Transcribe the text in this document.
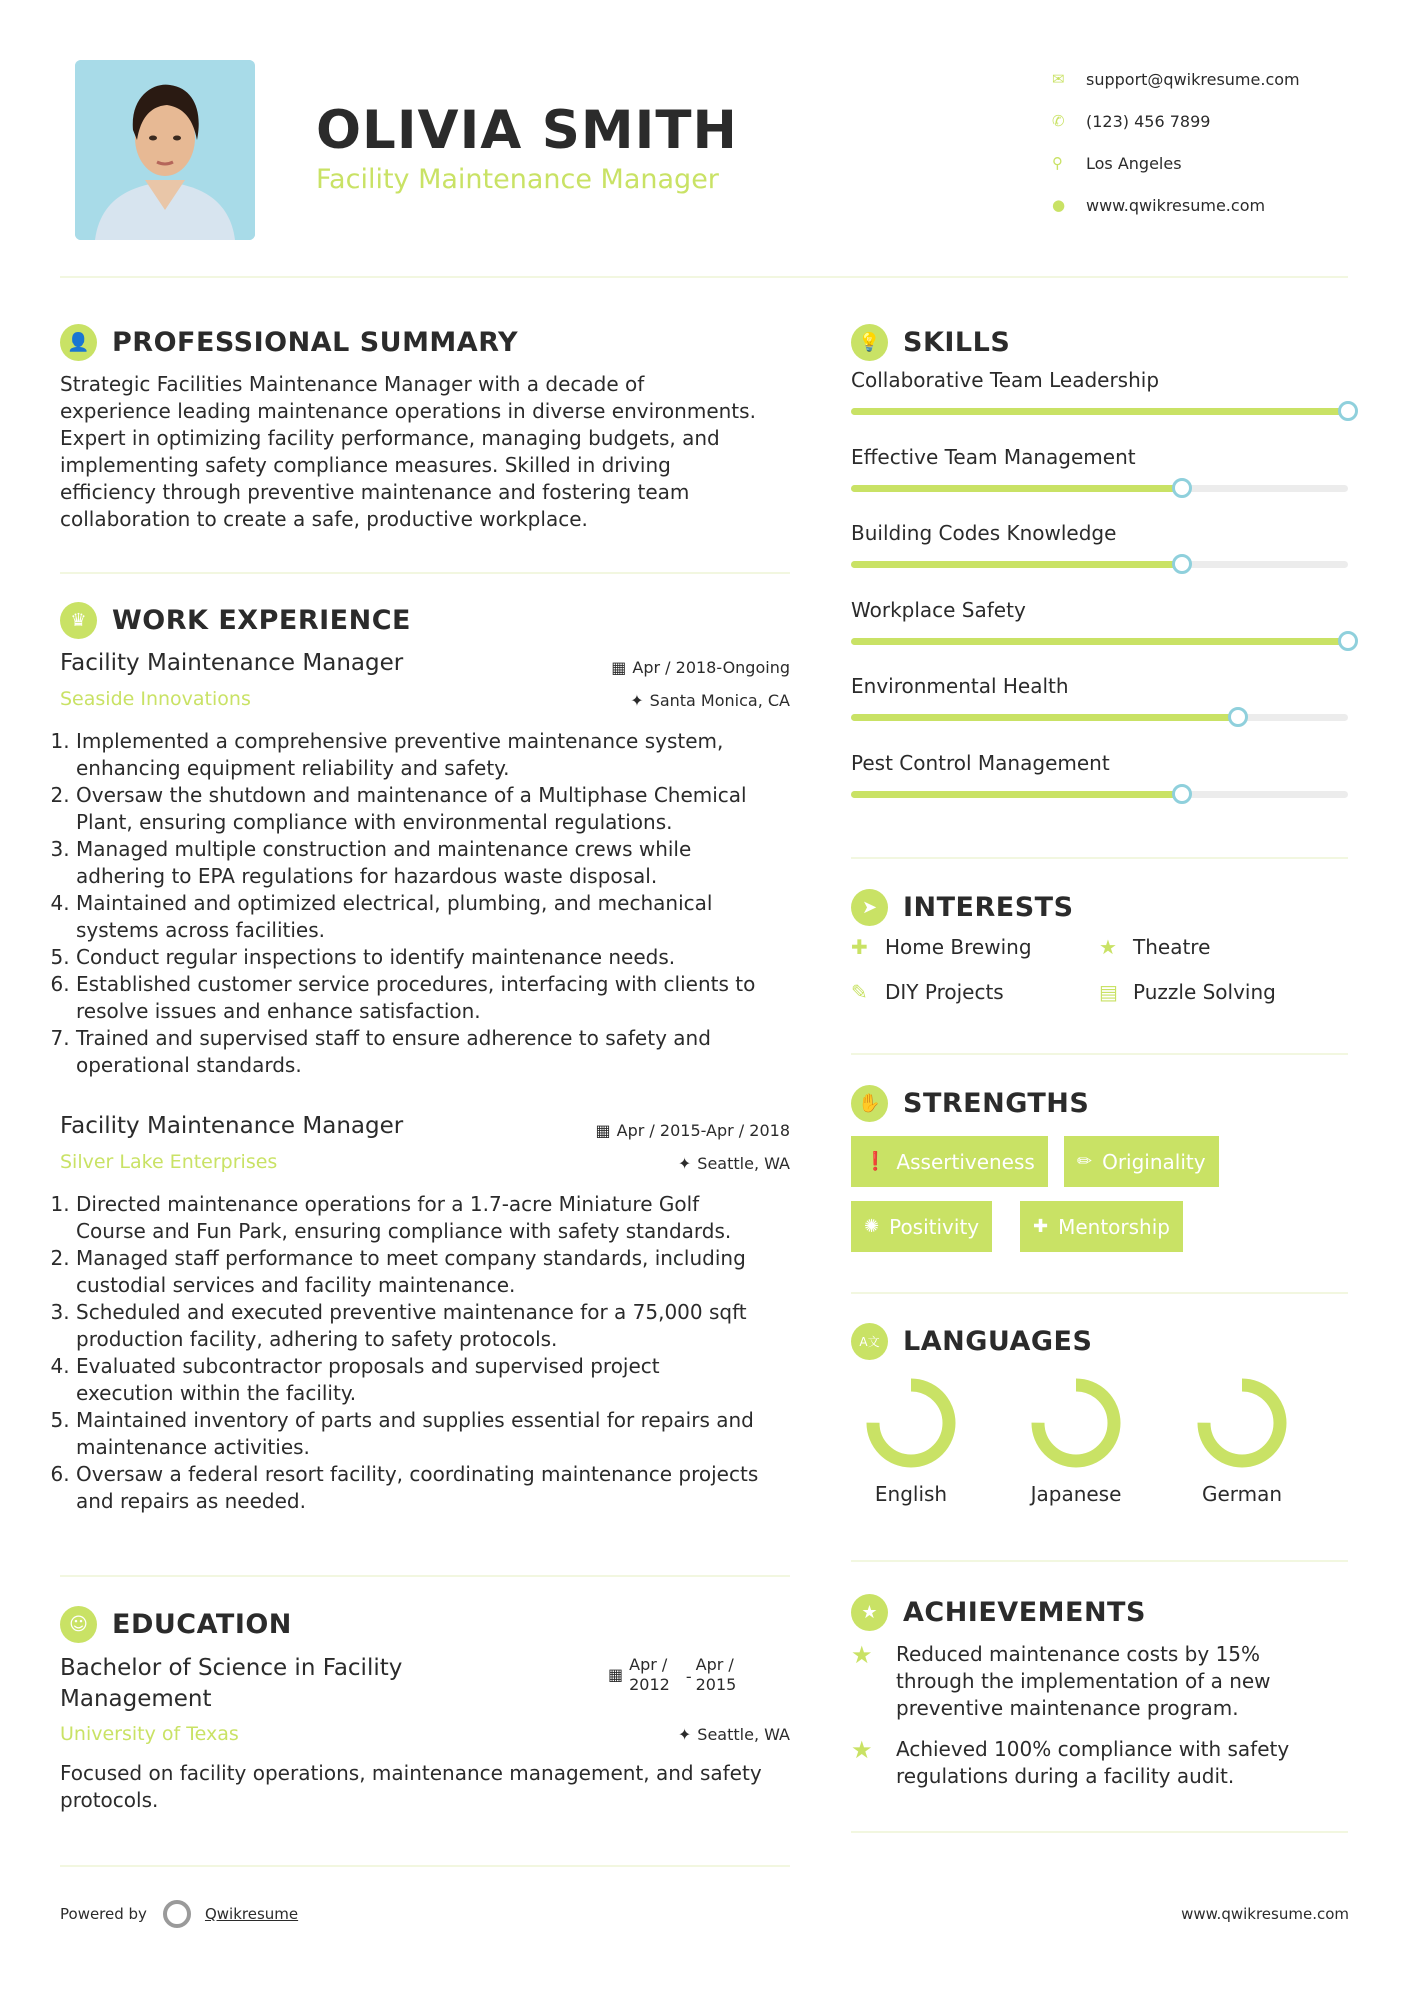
OLIVIA SMITH
Facility Maintenance Manager
✉	support@qwikresume.com
✆	(123) 456 7899
⚲	Los Angeles
●	www.qwikresume.com
👤 PROFESSIONAL SUMMARY
Strategic Facilities Maintenance Manager with a decade of
experience leading maintenance operations in diverse environments.
Expert in optimizing facility performance, managing budgets, and
implementing safety compliance measures. Skilled in driving
efficiency through preventive maintenance and fostering team
collaboration to create a safe, productive workplace.
♛ WORK EXPERIENCE
Facility Maintenance Manager	▦ Apr / 2018-Ongoing
Seaside Innovations	✦ Santa Monica, CA
1. Implemented a comprehensive preventive maintenance system,
enhancing equipment reliability and safety.
2. Oversaw the shutdown and maintenance of a Multiphase Chemical
Plant, ensuring compliance with environmental regulations.
3. Managed multiple construction and maintenance crews while
adhering to EPA regulations for hazardous waste disposal.
4. Maintained and optimized electrical, plumbing, and mechanical
systems across facilities.
5. Conduct regular inspections to identify maintenance needs.
6. Established customer service procedures, interfacing with clients to
resolve issues and enhance satisfaction.
7. Trained and supervised staff to ensure adherence to safety and
operational standards.
Facility Maintenance Manager	▦ Apr / 2015-Apr / 2018
Silver Lake Enterprises	✦ Seattle, WA
1. Directed maintenance operations for a 1.7-acre Miniature Golf
Course and Fun Park, ensuring compliance with safety standards.
2. Managed staff performance to meet company standards, including
custodial services and facility maintenance.
3. Scheduled and executed preventive maintenance for a 75,000 sqft
production facility, adhering to safety protocols.
4. Evaluated subcontractor proposals and supervised project
execution within the facility.
5. Maintained inventory of parts and supplies essential for repairs and
maintenance activities.
6. Oversaw a federal resort facility, coordinating maintenance projects
and repairs as needed.
☺ EDUCATION
Bachelor of Science in Facility
Management
▦
Apr /
2012	-
Apr /
2015
University of Texas	✦ Seattle, WA
Focused on facility operations, maintenance management, and safety
protocols.
💡 SKILLS
Collaborative Team Leadership
Effective Team Management
Building Codes Knowledge
Workplace Safety
Environmental Health
Pest Control Management
➤ INTERESTS
✚ Home Brewing	★ Theatre
✎ DIY Projects	▤ Puzzle Solving
✋ STRENGTHS
❗ Assertiveness ✏ Originality
✺ Positivity	✚ Mentorship
A文 LANGUAGES
English	Japanese	German
★ ACHIEVEMENTS
★	Reduced maintenance costs by 15%
through the implementation of a new
preventive maintenance program.
★	Achieved 100% compliance with safety
regulations during a facility audit.
Powered by	Qwikresume	www.qwikresume.com
